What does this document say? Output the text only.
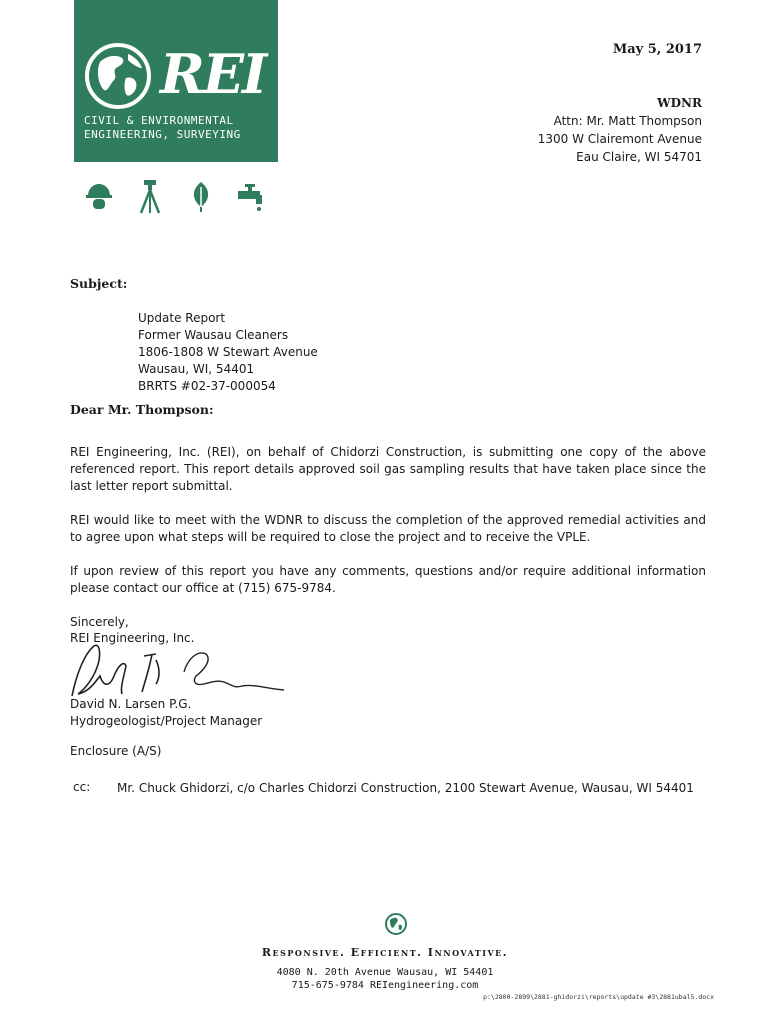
REI
CIVIL & ENVIRONMENTAL
ENGINEERING, SURVEYING
May 5, 2017
WDNR
Attn: Mr. Matt Thompson
1300 W Clairemont Avenue
Eau Claire, WI 54701
Subject:
Update Report
Former Wausau Cleaners
1806-1808 W Stewart Avenue
Wausau, WI, 54401
BRRTS #02-37-000054
Dear Mr. Thompson:
REI Engineering, Inc. (REI), on behalf of Chidorzi Construction, is submitting one copy of the above referenced report. This report details approved soil gas sampling results that have taken place since the last letter report submittal.
REI would like to meet with the WDNR to discuss the completion of the approved remedial activities and to agree upon what steps will be required to close the project and to receive the VPLE.
If upon review of this report you have any comments, questions and/or require additional information please contact our office at (715) 675-9784.
Sincerely,
REI Engineering, Inc.
David N. Larsen P.G.
Hydrogeologist/Project Manager
Enclosure (A/S)
cc: Mr. Chuck Ghidorzi, c/o Charles Chidorzi Construction, 2100 Stewart Avenue, Wausau, WI 54401
Responsive. Efficient. Innovative.
4080 N. 20th Avenue Wausau, WI 54401
715-675-9784 REIengineering.com
p:\2800-2899\2881-ghidorzi\reports\update #3\2881ubal5.docx
